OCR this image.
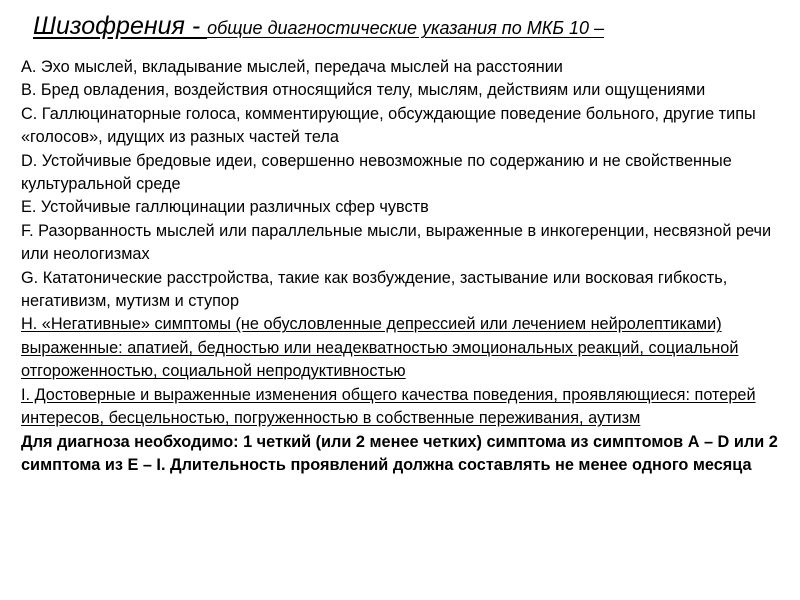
Шизофрения - общие диагностические указания по МКБ 10 –

А. Эхо мыслей, вкладывание мыслей, передача мыслей на расстоянии

В. Бред овладения, воздействия относящийся телу, мыслям, действиям или ощущениями

С. Галлюцинаторные голоса, комментирующие, обсуждающие поведение больного, другие типы «голосов», идущих из разных частей тела

D. Устойчивые бредовые идеи, совершенно невозможные по содержанию и не свойственные культуральной среде

Е. Устойчивые галлюцинации различных сфер чувств

F. Разорванность мыслей или параллельные мысли, выраженные в инкогеренции, несвязной речи или неологизмах

G. Кататонические расстройства, такие как возбуждение, застывание или восковая гибкость, негативизм, мутизм и ступор

Н. «Негативные» симптомы (не обусловленные депрессией или лечением нейролептиками) выраженные: апатией, бедностью или неадекватностью эмоциональных реакций, социальной отгороженностью, социальной непродуктивностью

I. Достоверные и выраженные изменения общего качества поведения, проявляющиеся: потерей интересов, бесцельностью, погруженностью в собственные переживания, аутизм

Для диагноза необходимо: 1 четкий (или 2 менее четких) симптома из симптомов А – D или 2 симптома из Е – I. Длительность проявлений должна составлять не менее одного месяца
